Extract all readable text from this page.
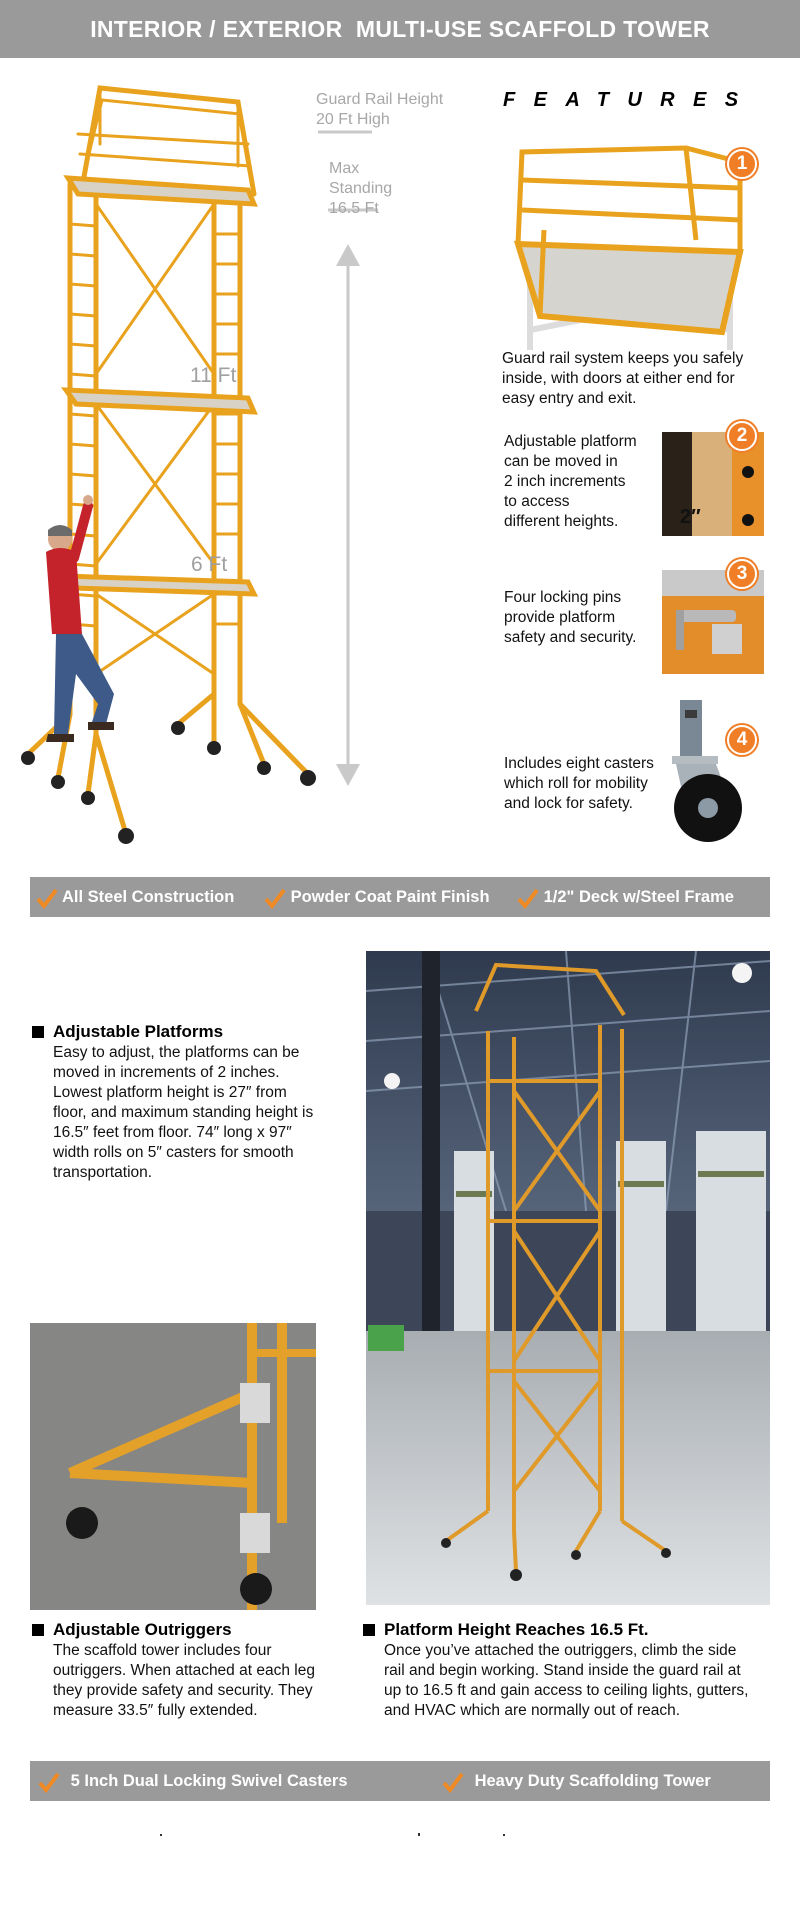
INTERIOR / EXTERIOR  MULTI-USE SCAFFOLD TOWER
Guard Rail Height
20 Ft High
Max
Standing
16.5 Ft
11 Ft
6 Ft
FEATURES
1
Guard rail system keeps you safely
inside, with doors at either end for
easy entry and exit.
Adjustable platform
can be moved in
2 inch increments
to access
different heights.	2″
2
Four locking pins
provide platform
safety and security.
3
Includes eight casters
which roll for mobility
and lock for safety.
4
All Steel Construction	Powder Coat Paint Finish	1/2" Deck w/Steel Frame
Adjustable Platforms
Easy to adjust, the platforms can be
moved in increments of 2 inches.
Lowest platform height is 27″ from
floor, and maximum standing height is
16.5″ feet from floor. 74″ long x 97″
width rolls on 5″ casters for smooth
transportation.
Adjustable Outriggers
The scaffold tower includes four
outriggers. When attached at each leg
they provide safety and security. They
measure 33.5″ fully extended.
Platform Height Reaches 16.5 Ft.
Once you’ve attached the outriggers, climb the side
rail and begin working. Stand inside the guard rail at
up to 16.5 ft and gain access to ceiling lights, gutters,
and HVAC which are normally out of reach.
5 Inch Dual Locking Swivel Casters	Heavy Duty Scaffolding Tower
